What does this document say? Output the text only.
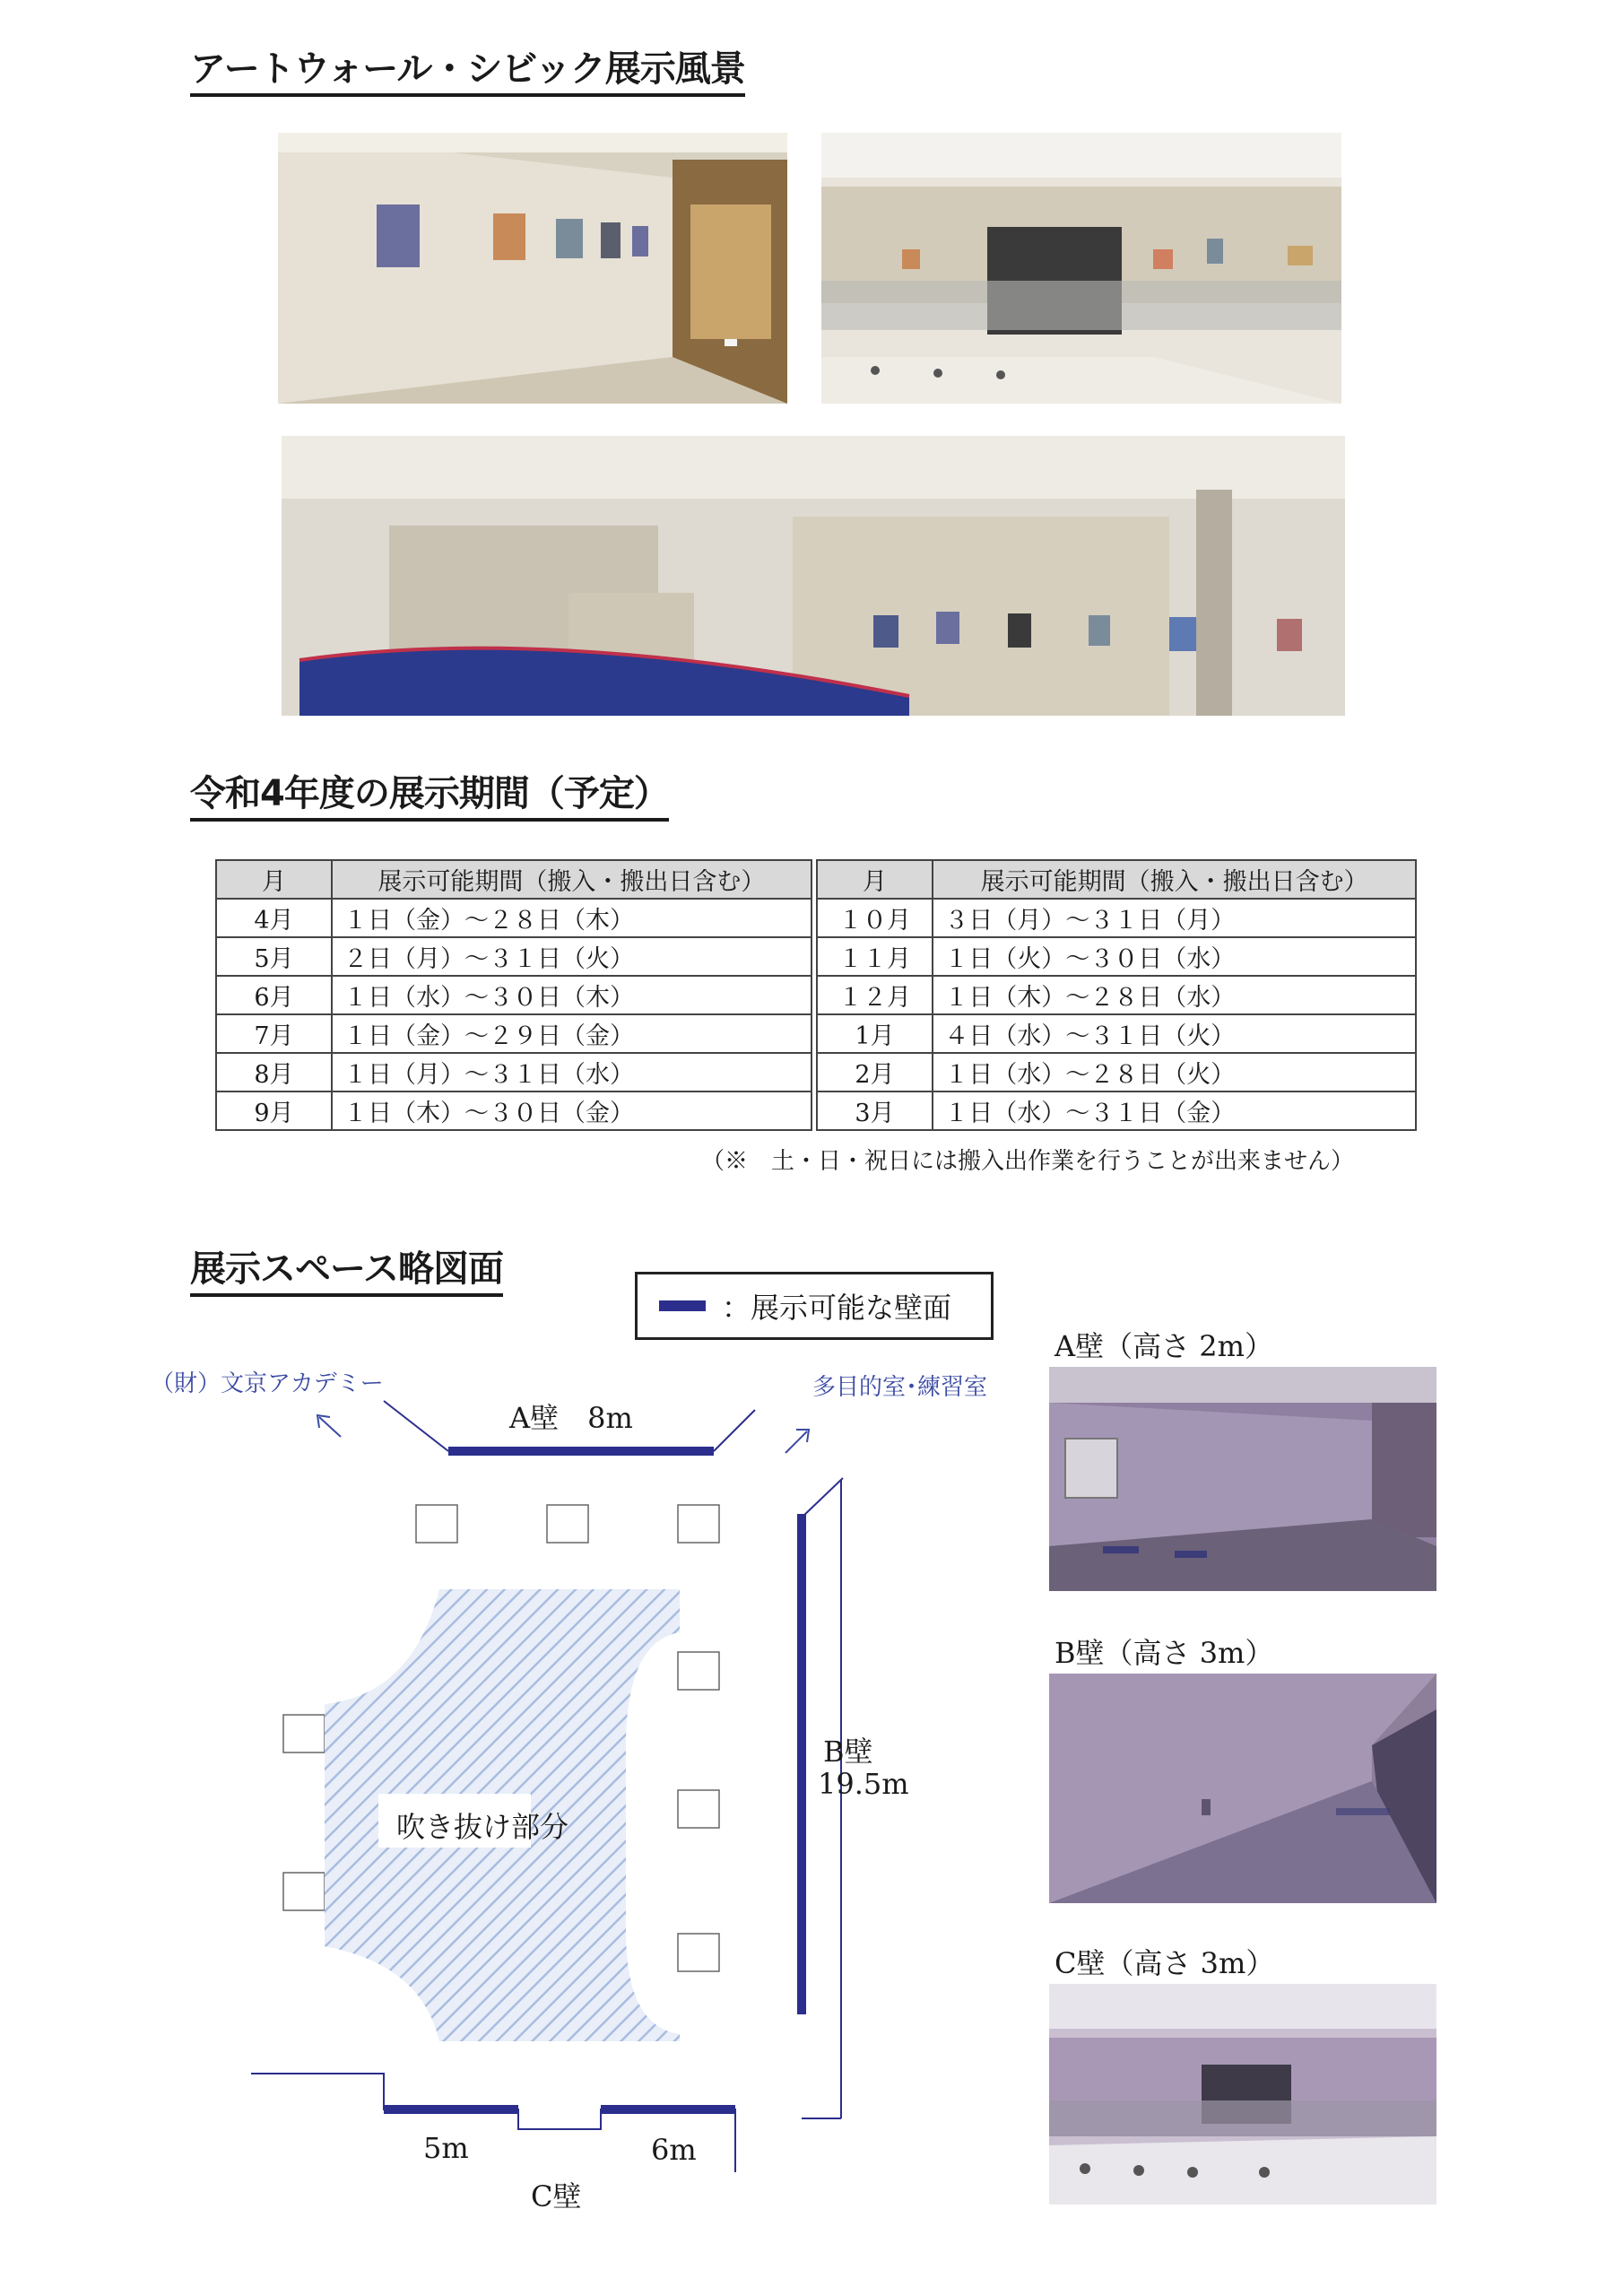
アートウォール・シビック展示風景
令和4年度の展示期間（予定）
月	展示可能期間（搬入・搬出日含む）		月	展示可能期間（搬入・搬出日含む）
4月	１日（金）～２８日（木）		１０月	３日（月）～３１日（月）
5月	２日（月）～３１日（火）		１１月	１日（火）～３０日（水）
6月	１日（水）～３０日（木）		１２月	１日（木）～２８日（水）
7月	１日（金）～２９日（金）		1月	４日（水）～３１日（火）
8月	１日（月）～３１日（水）		2月	１日（水）～２８日（火）
9月	１日（木）～３０日（金）		3月	１日（水）～３１日（金）
（※　土・日・祝日には搬入出作業を行うことが出来ません）
展示スペース略図面
：展示可能な壁面
（財）文京アカデミー	多目的室･練習室
A壁　8m
B壁
19.5m
吹き抜け部分
5m	6m
C壁
A壁（高さ 2m）
B壁（高さ 3m）
C壁（高さ 3m）
